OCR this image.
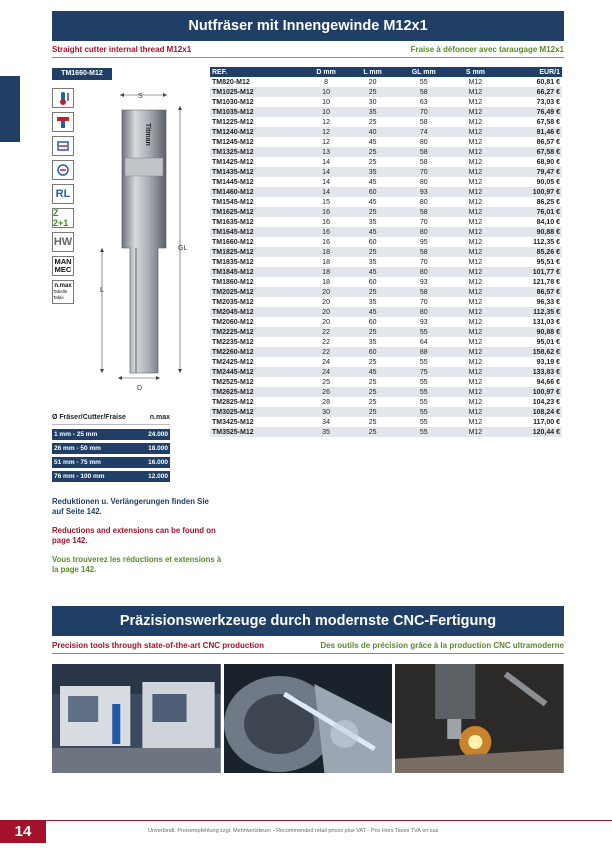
Nutfräser mit Innengewinde M12x1
Straight cutter internal thread M12x1	Fraise à défoncer avec taraugage M12x1
TM1660-M12
RL
Z 2+1
HW
MAN
MEC
n.max
Tabelle Table
S
Titman
GL
L
D
Ø Fräser/Cutter/Fraise	n.max
1 mm - 25 mm	24.000
26 mm - 50 mm	18.000
51 mm - 75 mm	16.000
76 mm - 100 mm	12.000
REF.	D mm	L mm	GL mm	S mm	EUR/1
TM820-M12	8	20	55	M12	60,81 €
TM1025-M12	10	25	58	M12	66,27 €
TM1030-M12	10	30	63	M12	73,03 €
TM1035-M12	10	35	70	M12	76,49 €
TM1225-M12	12	25	58	M12	67,58 €
TM1240-M12	12	40	74	M12	81,46 €
TM1245-M12	12	45	80	M12	86,57 €
TM1325-M12	13	25	58	M12	67,58 €
TM1425-M12	14	25	58	M12	68,90 €
TM1435-M12	14	35	70	M12	79,47 €
TM1445-M12	14	45	80	M12	90,05 €
TM1460-M12	14	60	93	M12	100,97 €
TM1545-M12	15	45	80	M12	86,25 €
TM1625-M12	16	25	58	M12	76,01 €
TM1635-M12	16	35	70	M12	84,10 €
TM1645-M12	16	45	80	M12	90,88 €
TM1660-M12	16	60	95	M12	112,35 €
TM1825-M12	18	25	58	M12	85,26 €
TM1835-M12	18	35	70	M12	95,51 €
TM1845-M12	18	45	80	M12	101,77 €
TM1860-M12	18	60	93	M12	121,78 €
TM2025-M12	20	25	58	M12	86,57 €
TM2035-M12	20	35	70	M12	96,33 €
TM2045-M12	20	45	80	M12	112,35 €
TM2060-M12	20	60	93	M12	131,03 €
TM2225-M12	22	25	55	M12	90,88 €
TM2235-M12	22	35	64	M12	95,01 €
TM2260-M12	22	60	88	M12	158,62 €
TM2425-M12	24	25	55	M12	93,19 €
TM2445-M12	24	45	75	M12	133,83 €
TM2525-M12	25	25	55	M12	94,66 €
TM2625-M12	26	25	55	M12	100,97 €
TM2825-M12	28	25	55	M12	104,23 €
TM3025-M12	30	25	55	M12	108,24 €
TM3425-M12	34	25	55	M12	117,00 €
TM3525-M12	35	25	55	M12	120,44 €
Reduktionen u. Verlängerungen finden Sie auf Seite 142.
Reductions and extensions can be found on page 142.
Vous trouverez les réductions et extensions à la page 142.
Präzisionswerkzeuge durch modernste CNC-Fertigung
Precision tools through state-of-the-art CNC production	Des outils de précision grâce à la production CNC ultramoderne
14	Unverbindl. Preisempfehlung zzgl. Mehrwertsteuer - Recommended retail prices plus VAT - Prix Hors Taxes TVA en sus
